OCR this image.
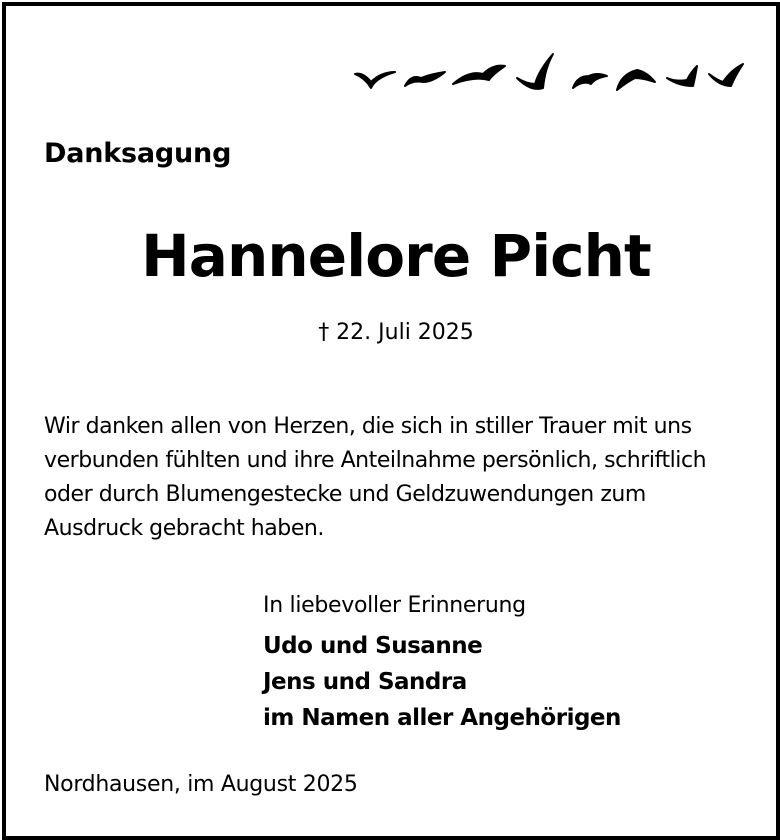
Danksagung
Hannelore Picht
† 22. Juli 2025
Wir danken allen von Herzen, die sich in stiller Trauer mit uns
verbunden fühlten und ihre Anteilnahme persönlich, schriftlich
oder durch Blumengestecke und Geldzuwendungen zum
Ausdruck gebracht haben.
In liebevoller Erinnerung
Udo und Susanne
Jens und Sandra
im Namen aller Angehörigen
Nordhausen, im August 2025
